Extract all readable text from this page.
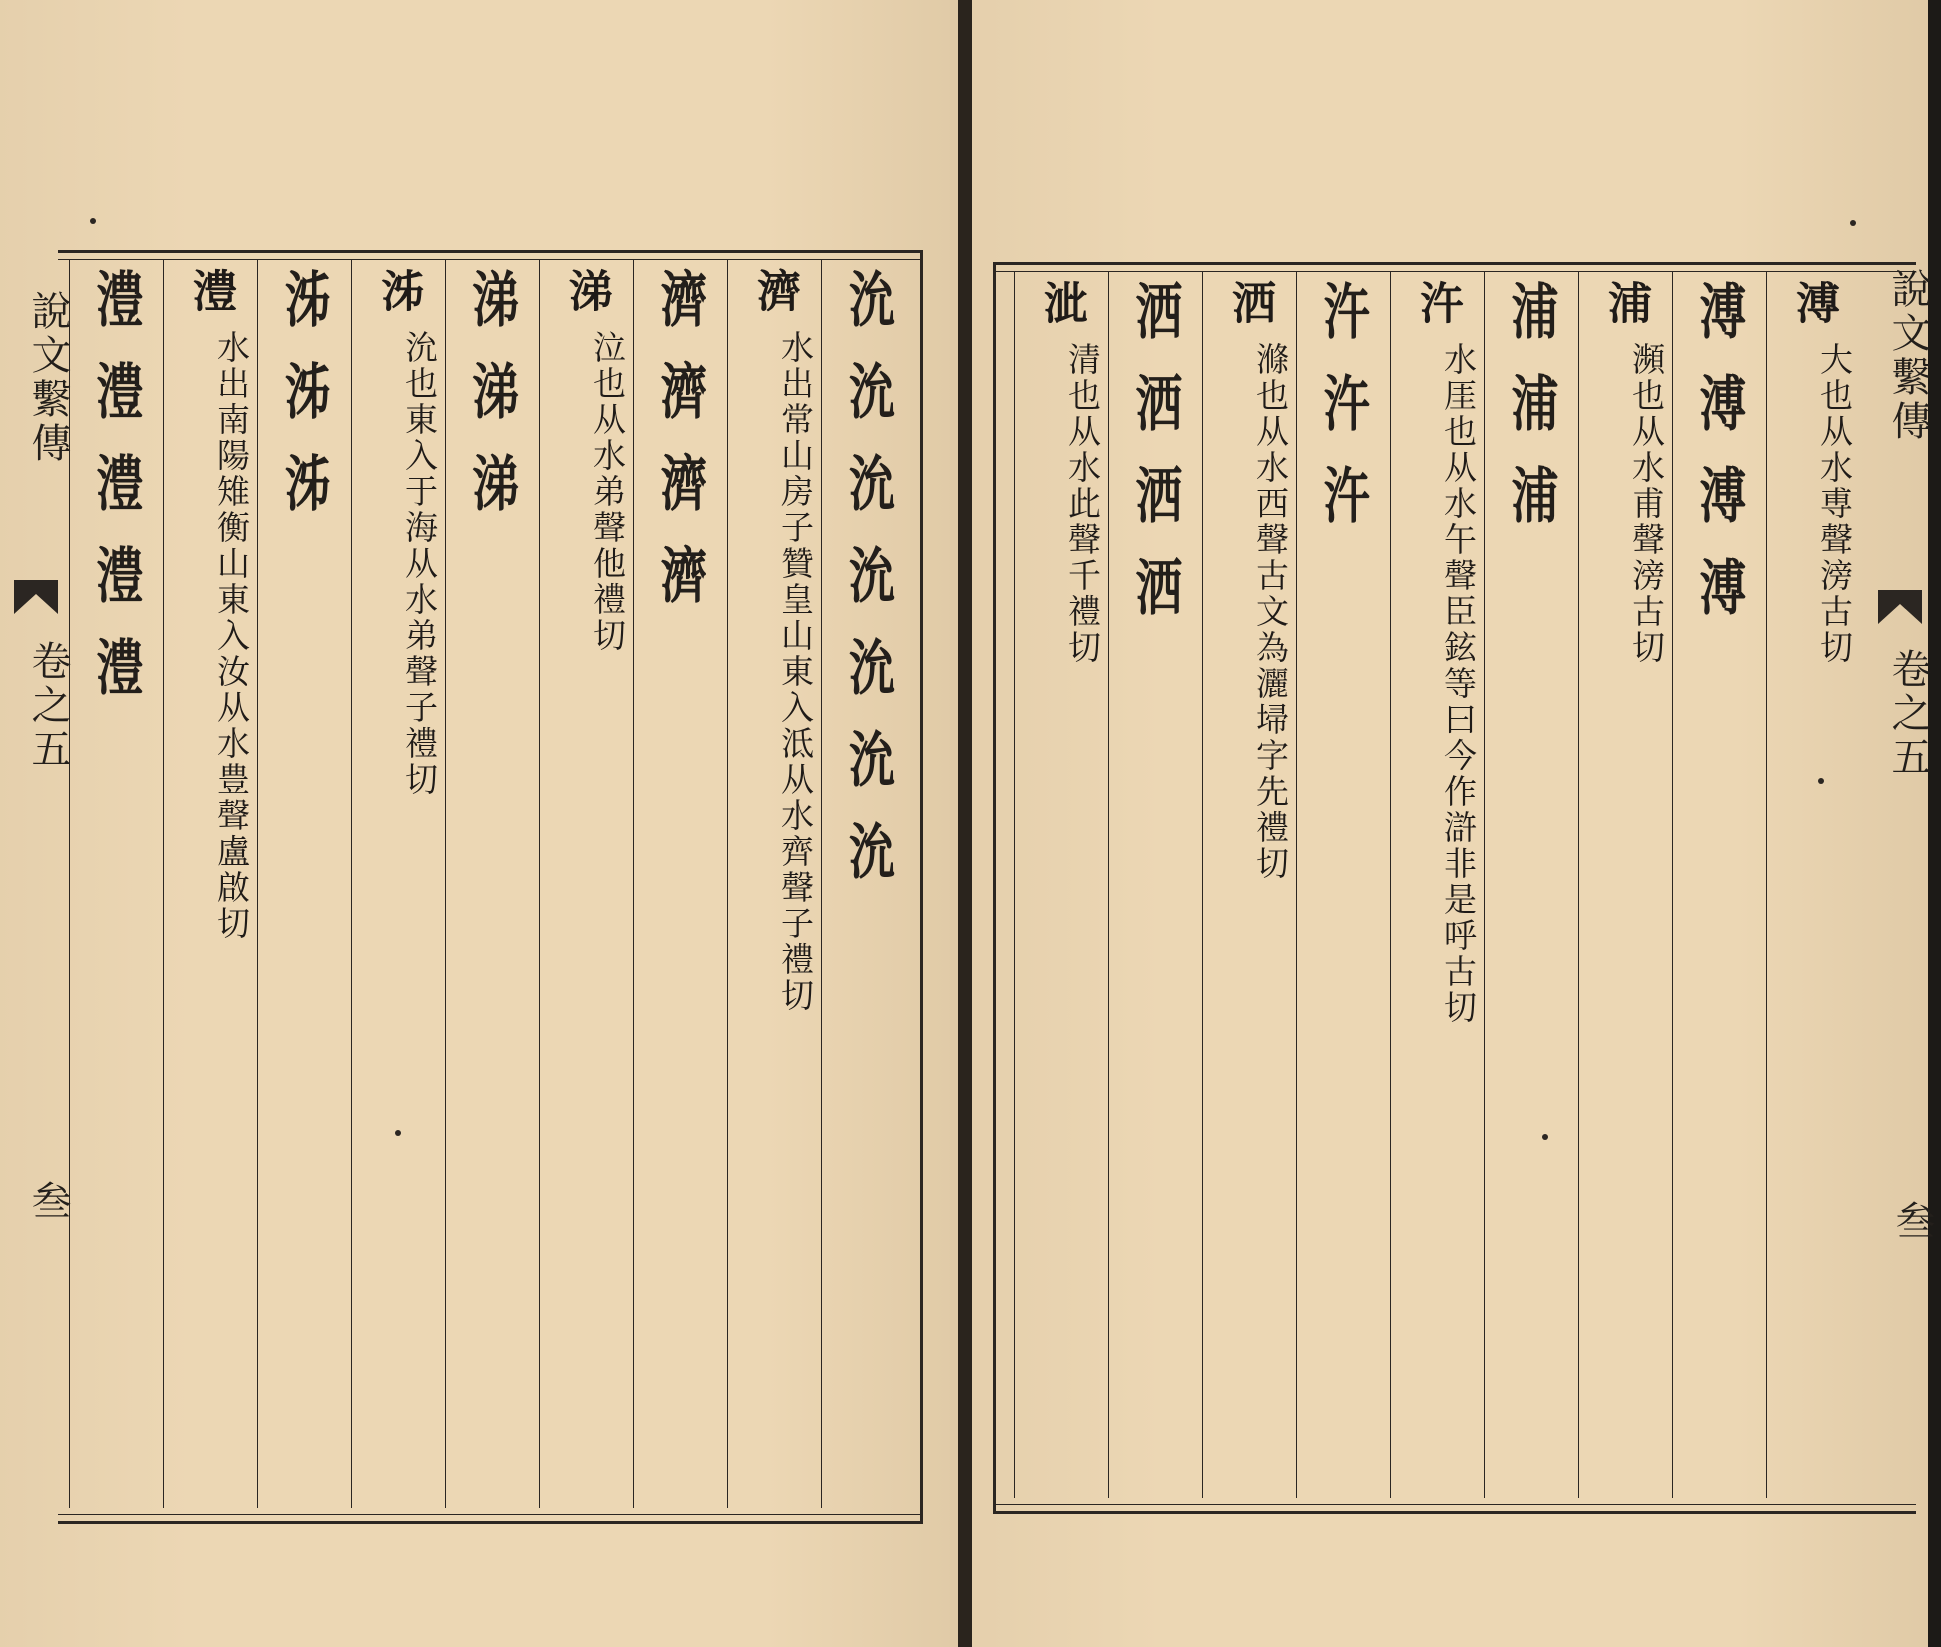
說文繫傳
卷之五
叁
沇沇沇沇沇沇沇
濟
水出常山房子贊皇山東入泜从水齊聲子禮切
濟濟濟濟
涕
泣也从水弟聲他禮切
涕涕涕
泲
沇也東入于海从水弟聲子禮切
泲泲泲
澧
水出南陽雉衡山東入汝从水豊聲盧啟切
澧澧澧澧澧	說文繫傳
卷之五
叁
溥
大也从水尃聲滂古切
溥溥溥溥
浦
瀕也从水甫聲滂古切
浦浦浦
汻
水厓也从水午聲臣鉉等曰今作滸非是呼古切
汻汻汻
洒
滌也从水西聲古文為灑埽字先禮切
洒洒洒洒
泚
清也从水此聲千禮切
